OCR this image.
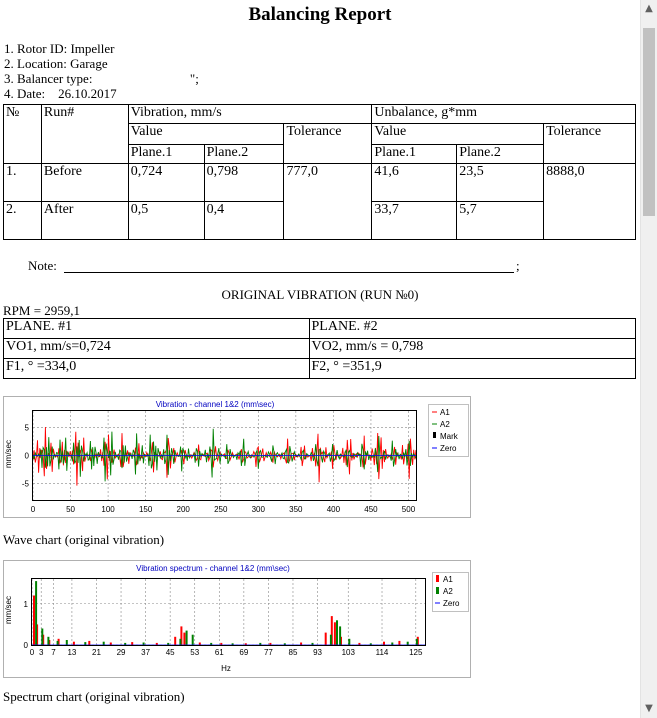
Balancing Report
1. Rotor ID: Impeller
2. Location: Garage
3. Balancer type:                              ";
4. Date:    26.10.2017
№	Run#	Vibration, mm/s			Unbalance, g*mm		
		Value		Tolerance	Value		Tolerance
		Plane.1	Plane.2		Plane.1	Plane.2	
1.	Before	0,724	0,798	777,0	41,6	23,5	8888,0
2.	After	0,5	0,4		33,7	5,7	
Note:	;
ORIGINAL VIBRATION (RUN №0)
RPM = 2959,1
PLANE. #1	PLANE. #2
VO1, mm/s=0,724	VO2, mm/s = 0,798
F1, ° =334,0	F2, ° =351,9
Vibration - channel 1&2 (mm\sec)
mm/sec
0	50	100	150	200	250	300	350	400	450	500
5
0
-5
A1
A2
Mark
Zero
Wave chart (original vibration)
Vibration spectrum - channel 1&2 (mm\sec)
mm/sec
0 3 7 13 21 29 37 45 53 61 69 77 85 93 103	114	125
1
0
Hz
A1
A2
Zero
Spectrum chart (original vibration)
▲
▼
